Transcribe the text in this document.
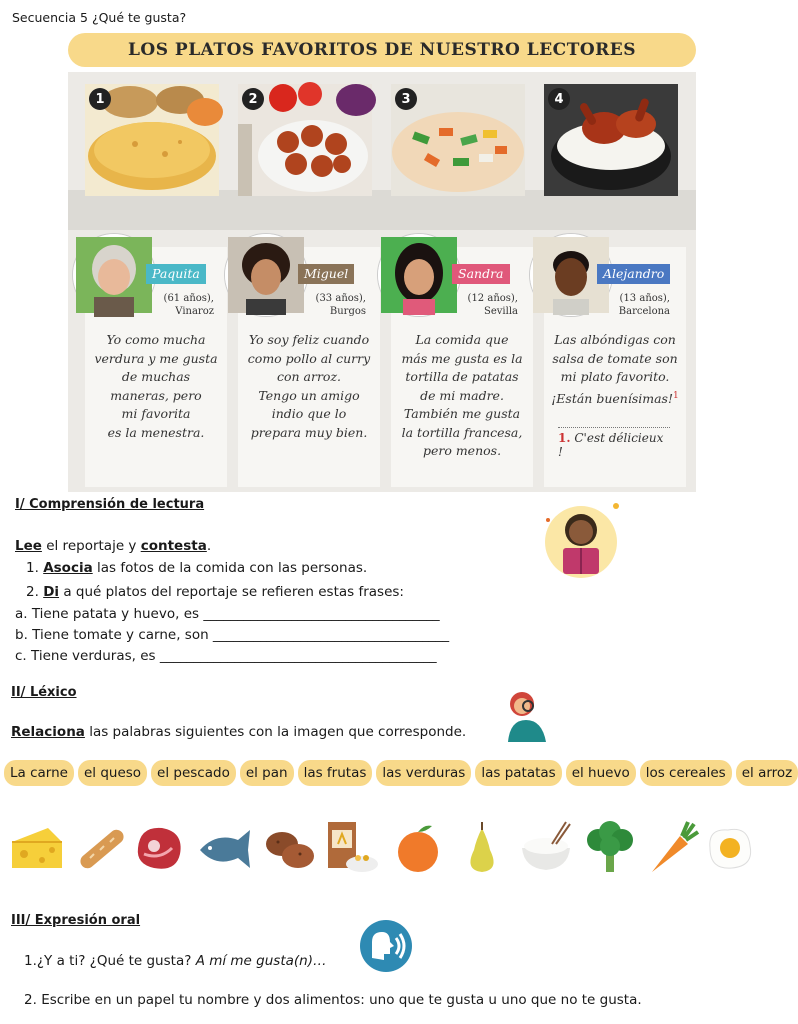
Secuencia 5 ¿Qué te gusta?
LOS PLATOS FAVORITOS DE NUESTRO LECTORES
1	2	3	4
Yo como mucha
verdura y me gusta
de muchas
maneras, pero
mi favorita
es la menestra.
Yo soy feliz cuando
como pollo al curry
con arroz.
Tengo un amigo
indio que lo
prepara muy bien.
La comida que
más me gusta es la
tortilla de patatas
de mi madre.
También me gusta
la tortilla francesa,
pero menos.
Las albóndigas con
salsa de tomate son
mi plato favorito.
¡Están buenísimas!$^1$
1. C'est délicieux !
Paquita	Miguel	Sandra	Alejandro
(61 años),
Vinaroz
(33 años),
Burgos
(12 años),
Sevilla
(13 años),
Barcelona
I/ Comprensión de lectura
Lee el reportaje y contesta.
1. Asocia las fotos de la comida con las personas.
2. Di a qué platos del reportaje se refieren estas frases:
a. Tiene patata y huevo, es ___________________________________
b. Tiene tomate y carne, son ___________________________________
c. Tiene verduras, es _________________________________________
II/ Léxico
Relaciona las palabras siguientes con la imagen que corresponde.
La carne	el queso	el pescado	el pan	las frutas	las verduras	las patatas	el huevo	los cereales	el arroz
III/ Expresión oral
1.¿Y a ti? ¿Qué te gusta? A mí me gusta(n)…
2. Escribe en un papel tu nombre y dos alimentos: uno que te gusta u uno que no te gusta.
